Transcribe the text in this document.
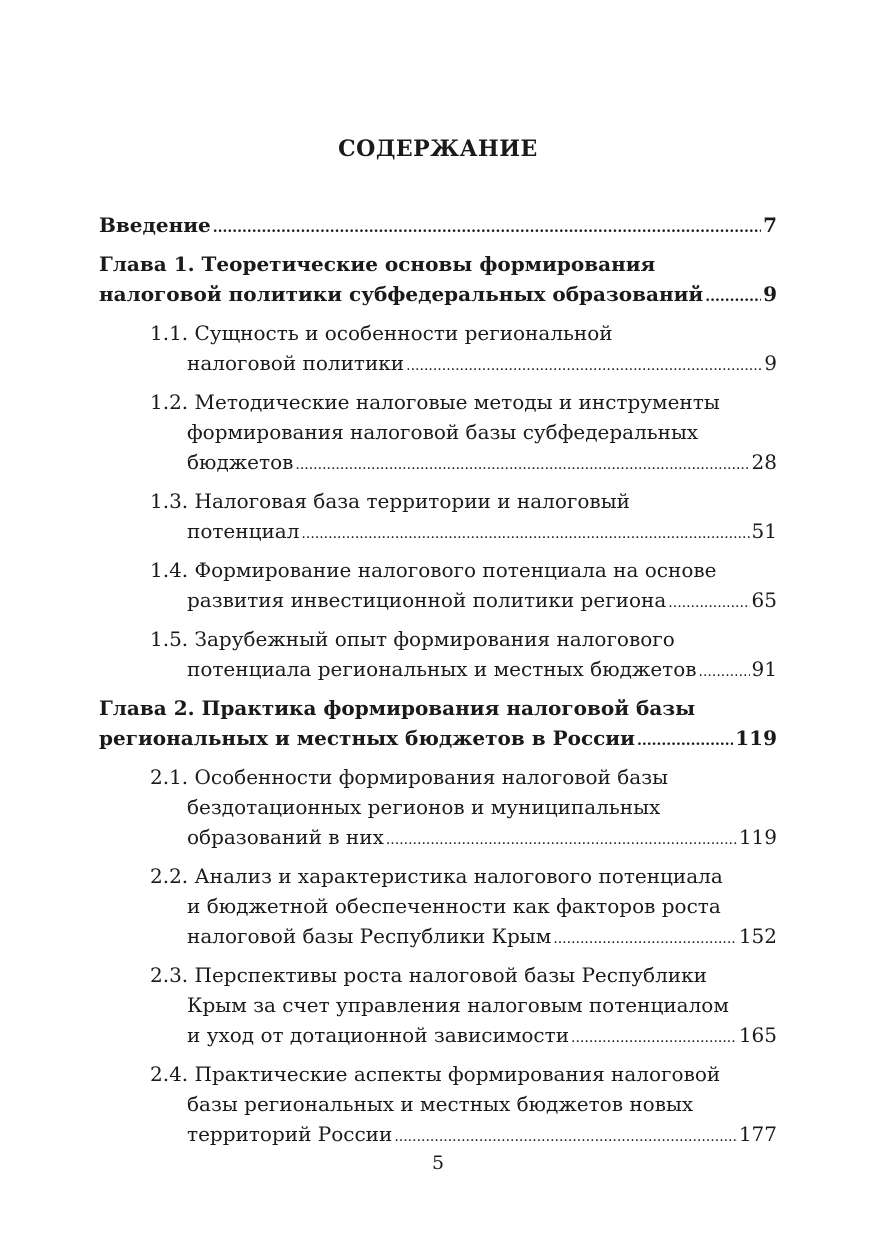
СОДЕРЖАНИЕ
Введение .....	7
Глава 1. Теоретические основы формирования
налоговой политики субфедеральных образований .....	9
1.1. Сущность и особенности региональной
налоговой политики .....	9
1.2. Методические налоговые методы и инструменты
формирования налоговой базы субфедеральных
бюджетов .....	28
1.3. Налоговая база территории и налоговый
потенциал .....	51
1.4. Формирование налогового потенциала на основе
развития инвестиционной политики региона .....	65
1.5. Зарубежный опыт формирования налогового
потенциала региональных и местных бюджетов .....	91
Глава 2. Практика формирования налоговой базы
региональных и местных бюджетов в России .....	119
2.1. Особенности формирования налоговой базы
бездотационных регионов и муниципальных
образований в них .....	119
2.2. Анализ и характеристика налогового потенциала
и бюджетной обеспеченности как факторов роста
налоговой базы Республики Крым .....	152
2.3. Перспективы роста налоговой базы Республики
Крым за счет управления налоговым потенциалом
и уход от дотационной зависимости .....	165
2.4. Практические аспекты формирования налоговой
базы региональных и местных бюджетов новых
территорий России .....	177
5
